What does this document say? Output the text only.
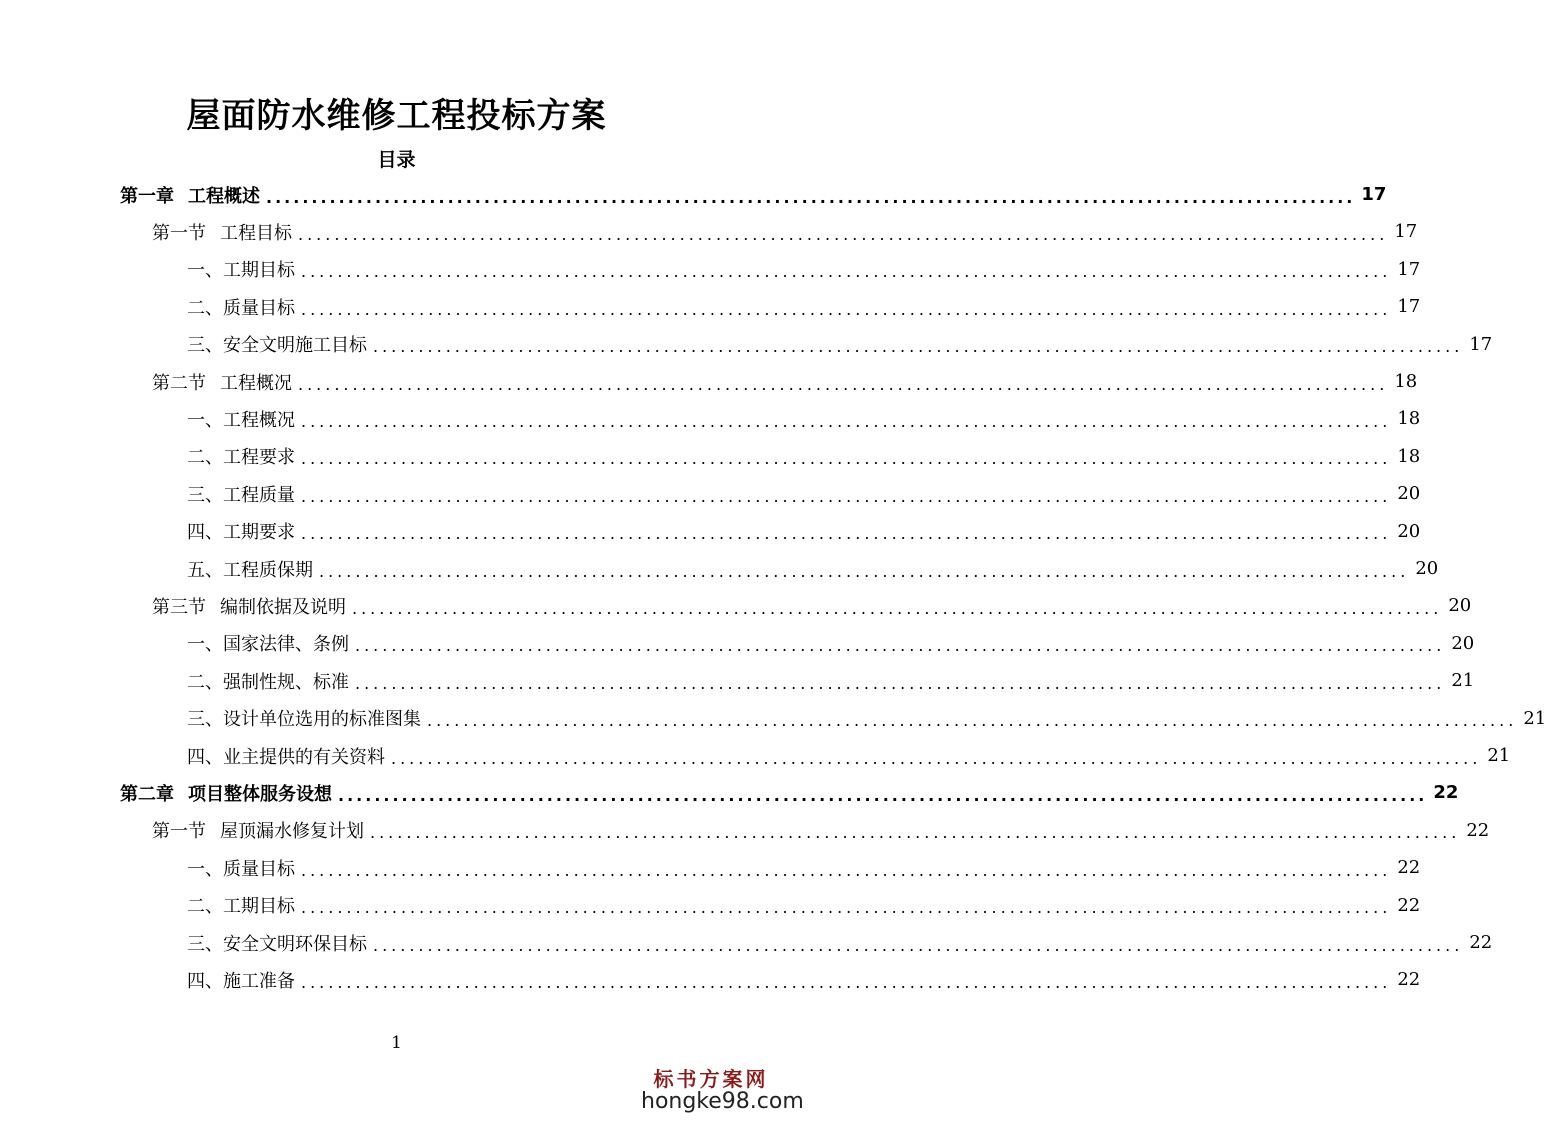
屋面防水维修工程投标方案
目录
第一章 工程概述 ........................................................................................................................ 17
第一节 工程目标 ........................................................................................................................ 17
一、工期目标 ........................................................................................................................ 17
二、质量目标 ........................................................................................................................ 17
三、安全文明施工目标 ........................................................................................................................ 17
第二节 工程概况 ........................................................................................................................ 18
一、工程概况 ........................................................................................................................ 18
二、工程要求 ........................................................................................................................ 18
三、工程质量 ........................................................................................................................ 20
四、工期要求 ........................................................................................................................ 20
五、工程质保期 ........................................................................................................................ 20
第三节 编制依据及说明 ........................................................................................................................ 20
一、国家法律、条例 ........................................................................................................................ 20
二、强制性规、标准 ........................................................................................................................ 21
三、设计单位选用的标准图集 ........................................................................................................................ 21
四、业主提供的有关资料 ........................................................................................................................ 21
第二章 项目整体服务设想 ........................................................................................................................ 22
第一节 屋顶漏水修复计划 ........................................................................................................................ 22
一、质量目标 ........................................................................................................................ 22
二、工期目标 ........................................................................................................................ 22
三、安全文明环保目标 ........................................................................................................................ 22
四、施工准备 ........................................................................................................................ 22
1
标书方案网
hongke98.com
